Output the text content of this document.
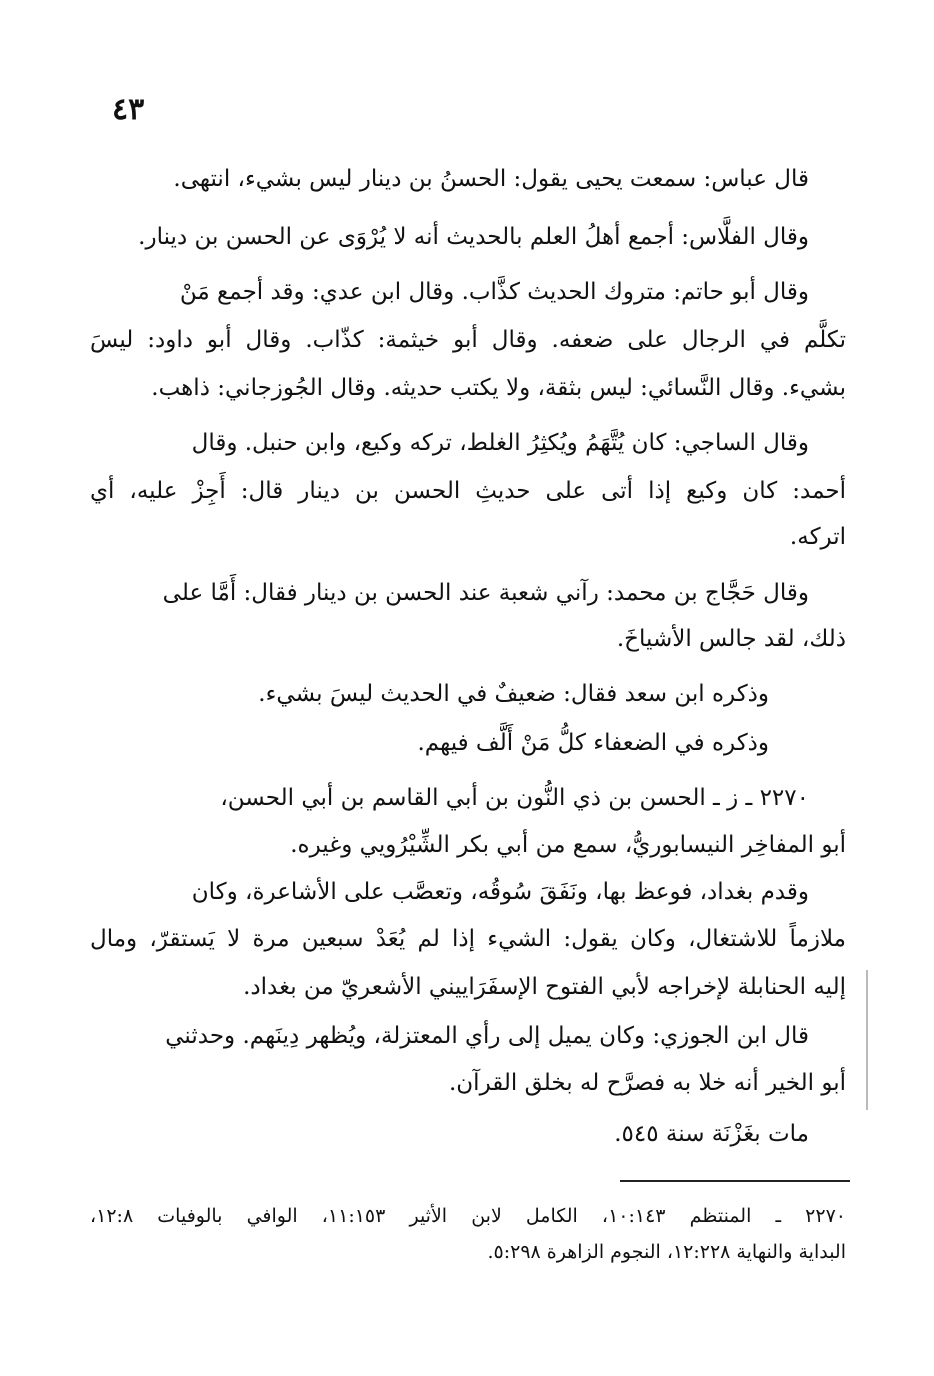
٤٣
قال عباس: سمعت يحيى يقول: الحسنُ بن دينار ليس بشيء، انتهى.
وقال الفلَّاس: أجمع أهلُ العلم بالحديث أنه لا يُرْوَى عن الحسن بن دينار.
وقال أبو حاتم: متروك الحديث كذَّاب. وقال ابن عدي: وقد أجمع مَنْ
تكلَّم في الرجال على ضعفه. وقال أبو خيثمة: كذّاب. وقال أبو داود: ليسَ
بشيء. وقال النَّسائي: ليس بثقة، ولا يكتب حديثه. وقال الجُوزجاني: ذاهب.
وقال الساجي: كان يُتَّهَمُ ويُكثِرُ الغلط، تركه وكيع، وابن حنبل. وقال
أحمد: كان وكيع إذا أتى على حديثِ الحسن بن دينار قال: أَجِزْ عليه، أي
اتركه.
وقال حَجَّاج بن محمد: رآني شعبة عند الحسن بن دينار فقال: أَمَّا على
ذلك، لقد جالس الأشياخَ.
وذكره ابن سعد فقال: ضعيفٌ في الحديث ليسَ بشيء.
وذكره في الضعفاء كلُّ مَنْ أَلَّف فيهم.
٢٢٧٠ ـ ز ـ الحسن بن ذي النُّون بن أبي القاسم بن أبي الحسن،
أبو المفاخِر النيسابوريُّ، سمع من أبي بكر الشِّيْرُويي وغيره.
وقدم بغداد، فوعظ بها، ونَفَقَ سُوقُه، وتعصَّب على الأشاعرة، وكان
ملازماً للاشتغال، وكان يقول: الشيء إذا لم يُعَدْ سبعين مرة لا يَستقرّ، ومال
إليه الحنابلة لإخراجه لأبي الفتوح الإسفَرَاييني الأشعريّ من بغداد.
قال ابن الجوزي: وكان يميل إلى رأي المعتزلة، ويُظهر دِينَهم. وحدثني
أبو الخير أنه خلا به فصرَّح له بخلق القرآن.
مات بغَزْنَة سنة ٥٤٥.
٢٢٧٠ ـ المنتظم ١٠:١٤٣، الكامل لابن الأثير ١١:١٥٣، الوافي بالوفيات ١٢:٨،
البداية والنهاية ١٢:٢٢٨، النجوم الزاهرة ٥:٢٩٨.
